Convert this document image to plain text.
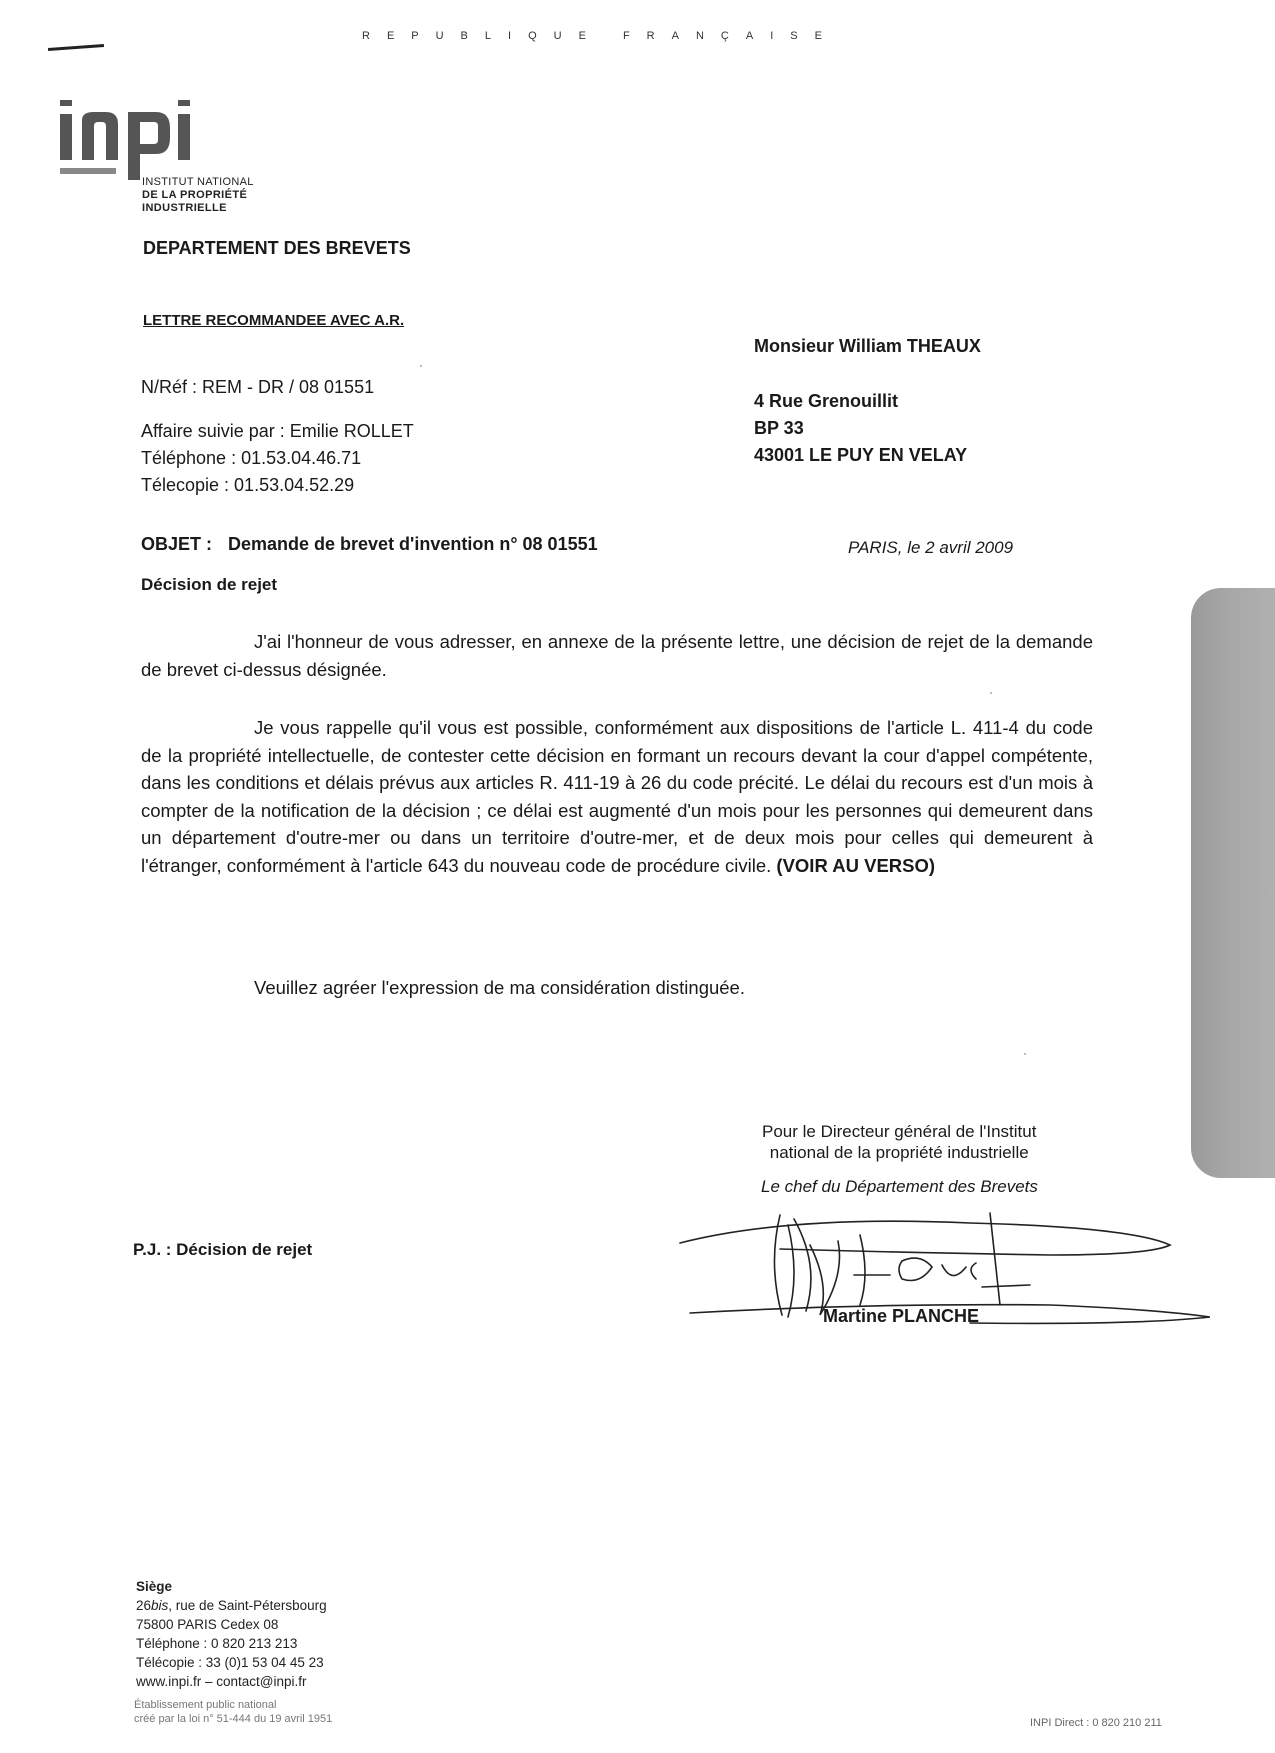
REPUBLIQUE FRANÇAISE
INSTITUT NATIONAL
DE LA PROPRIÉTÉ
INDUSTRIELLE
DEPARTEMENT DES BREVETS
LETTRE RECOMMANDEE AVEC A.R.
N/Réf : REM - DR / 08 01551
Affaire suivie par : Emilie ROLLET
Téléphone : 01.53.04.46.71
Télecopie : 01.53.04.52.29
Monsieur William THEAUX
4 Rue Grenouillit
BP 33
43001 LE PUY EN VELAY
OBJET : Demande de brevet d'invention n° 08 01551	PARIS, le 2 avril 2009
Décision de rejet
J'ai l'honneur de vous adresser, en annexe de la présente lettre, une décision de rejet de la demande de brevet ci-dessus désignée.
Je vous rappelle qu'il vous est possible, conformément aux dispositions de l'article L. 411-4 du code de la propriété intellectuelle, de contester cette décision en formant un recours devant la cour d'appel compétente, dans les conditions et délais prévus aux articles R. 411-19 à 26 du code précité. Le délai du recours est d'un mois à compter de la notification de la décision ; ce délai est augmenté d'un mois pour les personnes qui demeurent dans un département d'outre-mer ou dans un territoire d'outre-mer, et de deux mois pour celles qui demeurent à l'étranger, conformément à l'article 643 du nouveau code de procédure civile. (VOIR AU VERSO)
Veuillez agréer l'expression de ma considération distinguée.
Pour le Directeur général de l'Institut
national de la propriété industrielle
Le chef du Département des Brevets
P.J. : Décision de rejet
Martine PLANCHE
Siège
26bis, rue de Saint-Pétersbourg
75800 PARIS Cedex 08
Téléphone : 0 820 213 213
Télécopie : 33 (0)1 53 04 45 23
www.inpi.fr – contact@inpi.fr
Établissement public national
créé par la loi n° 51-444 du 19 avril 1951	INPI Direct : 0 820 210 211
